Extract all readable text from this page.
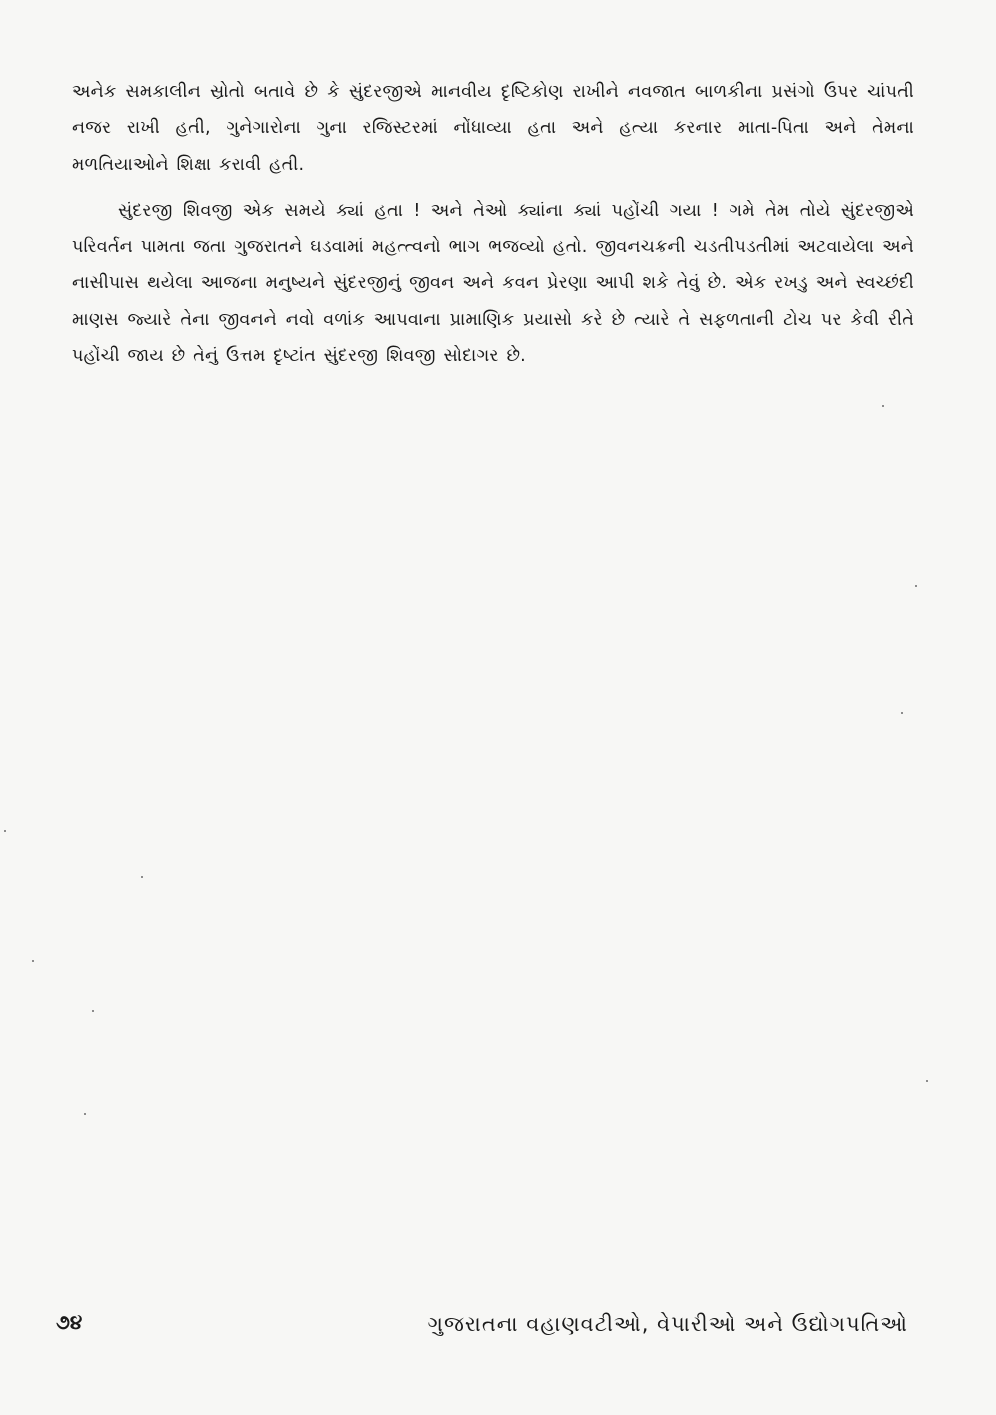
અનેક સમકાલીન સ્રોતો બતાવે છે કે સુંદરજીએ માનવીય દૃષ્ટિકોણ રાખીને નવજાત બાળકીના પ્રસંગો ઉપર ચાંપતી નજર રાખી હતી, ગુનેગારોના ગુના રજિસ્ટરમાં નોંધાવ્યા હતા અને હત્યા કરનાર માતા-પિતા અને તેમના મળતિયાઓને શિક્ષા કરાવી હતી.

સુંદરજી શિવજી એક સમયે ક્યાં હતા ! અને તેઓ ક્યાંના ક્યાં પહોંચી ગયા ! ગમે તેમ તોયે સુંદરજીએ પરિવર્તન પામતા જતા ગુજરાતને ઘડવામાં મહત્ત્વનો ભાગ ભજવ્યો હતો. જીવનચક્રની ચડતીપડતીમાં અટવાયેલા અને નાસીપાસ થયેલા આજના મનુષ્યને સુંદરજીનું જીવન અને કવન પ્રેરણા આપી શકે તેવું છે. એક રખડુ અને સ્વચ્છંદી માણસ જ્યારે તેના જીવનને નવો વળાંક આપવાના પ્રામાણિક પ્રયાસો કરે છે ત્યારે તે સફળતાની ટોચ પર કેવી રીતે પહોંચી જાય છે તેનું ઉત્તમ દૃષ્ટાંત સુંદરજી શિવજી સોદાગર છે.

૭૪	ગુજરાતના વહાણવટીઓ, વેપારીઓ અને ઉદ્યોગપતિઓ
